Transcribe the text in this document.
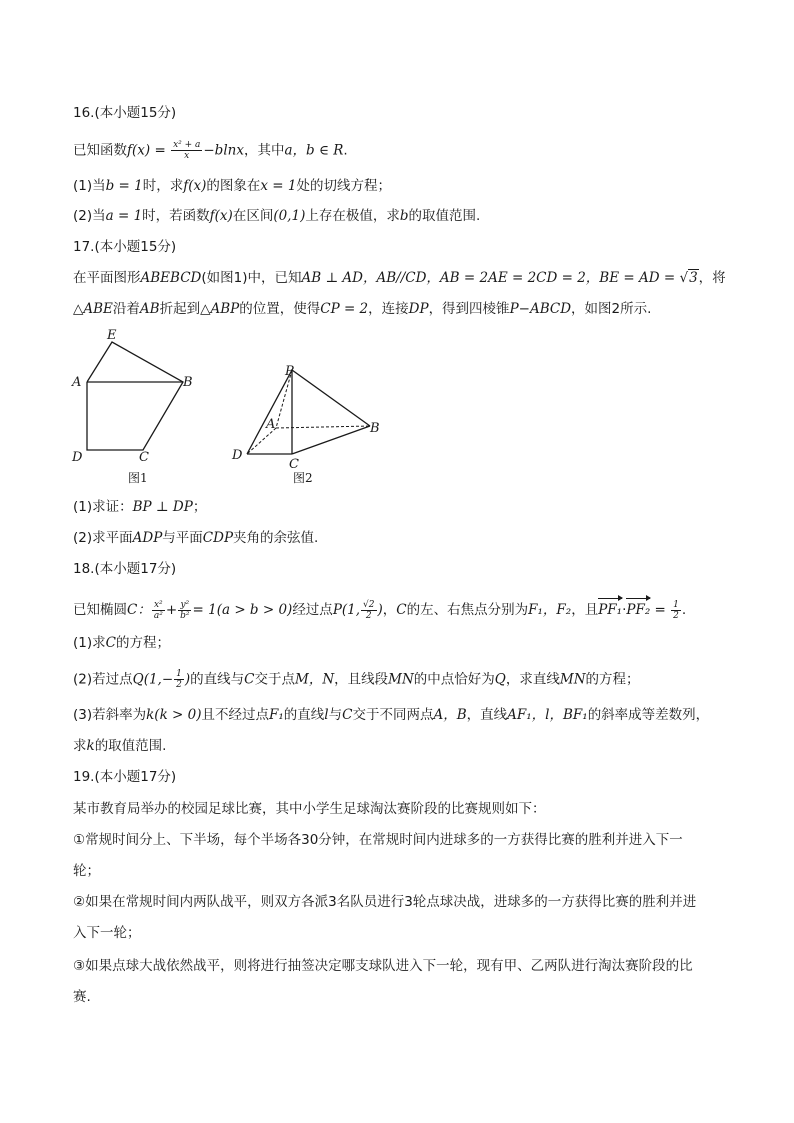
16.(本小题15分)
已知函数$f(x) = \frac{\text{x² + a}}{x} -blnx$，其中a，b ∈ R.
(1)当b = 1时，求f(x)的图象在x = 1处的切线方程；
(2)当a = 1时，若函数f(x)在区间(0,1)上存在极值，求b的取值范围.
17.(本小题15分)
在平面图形ABEBCD(如图1)中，已知AB ⊥ AD，AB//CD，AB = 2AE = 2CD = 2，BE = AD = √3，将
△ABE沿着AB折起到△ABP的位置，使得CP = 2，连接DP，得到四棱锥P−ABCD，如图2所示.
E
A	B
D	C
图1
P
A	B
D
C
图2
(1)求证：BP ⊥ DP；
(2)求平面ADP与平面CDP夹角的余弦值.
18.(本小题17分)
已知椭圆C： $\frac{\text{x²}}{\text{a²}} + \frac{\text{y²}}{\text{b²}} = 1(a > b > 0)$经过点P(1, $\frac{√2}{2}$ )，C的左、右焦点分别为F₁，F₂，且$PF_1\cdot PF_2 = \frac{1}{2}$ .
(1)求C的方程；
(2)若过点$Q(1,- \frac{1}{2}$ )的直线与C交于点M，N，且线段MN的中点恰好为Q，求直线MN的方程；
(3)若斜率为k(k > 0)且不经过点F₁的直线l与C交于不同两点A，B，直线AF₁，l，BF₁的斜率成等差数列，
求k的取值范围.
19.(本小题17分)
某市教育局举办的校园足球比赛，其中小学生足球淘汰赛阶段的比赛规则如下：
①常规时间分上、下半场，每个半场各30分钟，在常规时间内进球多的一方获得比赛的胜利并进入下一
轮；
②如果在常规时间内两队战平，则双方各派3名队员进行3轮点球决战，进球多的一方获得比赛的胜利并进
入下一轮；
③如果点球大战依然战平，则将进行抽签决定哪支球队进入下一轮，现有甲、乙两队进行淘汰赛阶段的比
赛.
